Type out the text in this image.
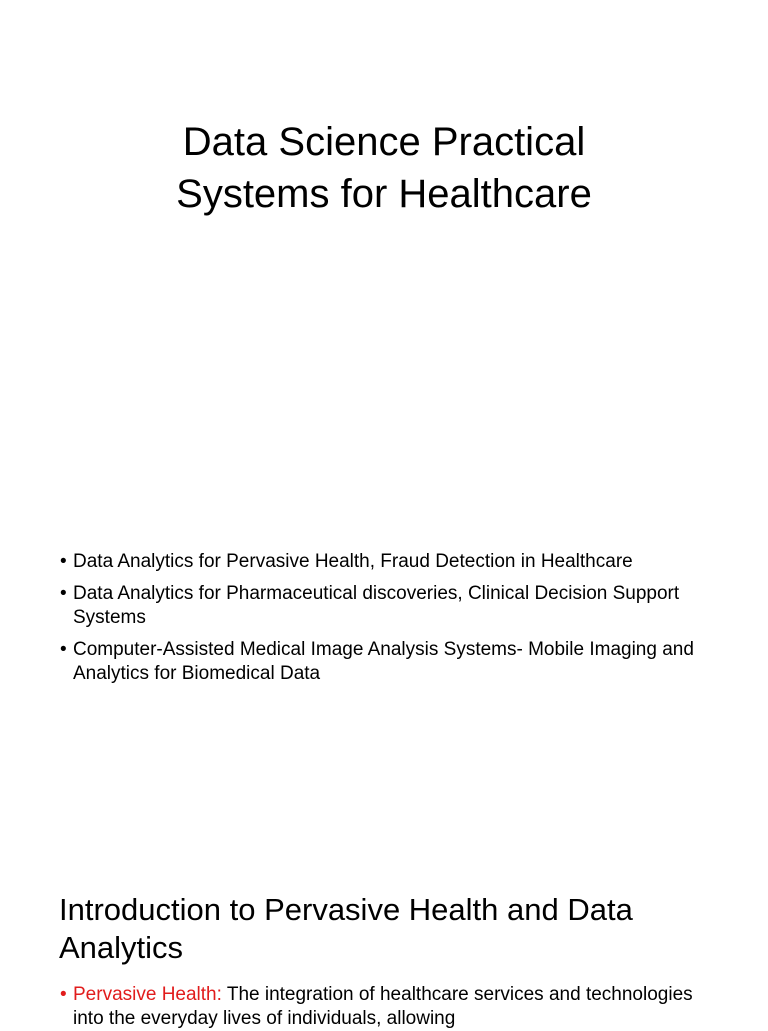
Data Science Practical
Systems for Healthcare
• Data Analytics for Pervasive Health, Fraud Detection in Healthcare
• Data Analytics for Pharmaceutical discoveries, Clinical Decision Support Systems
• Computer-Assisted Medical Image Analysis Systems- Mobile Imaging and Analytics for Biomedical Data
Introduction to Pervasive Health and Data Analytics
• Pervasive Health: The integration of healthcare services and technologies into the everyday lives of individuals, allowing
